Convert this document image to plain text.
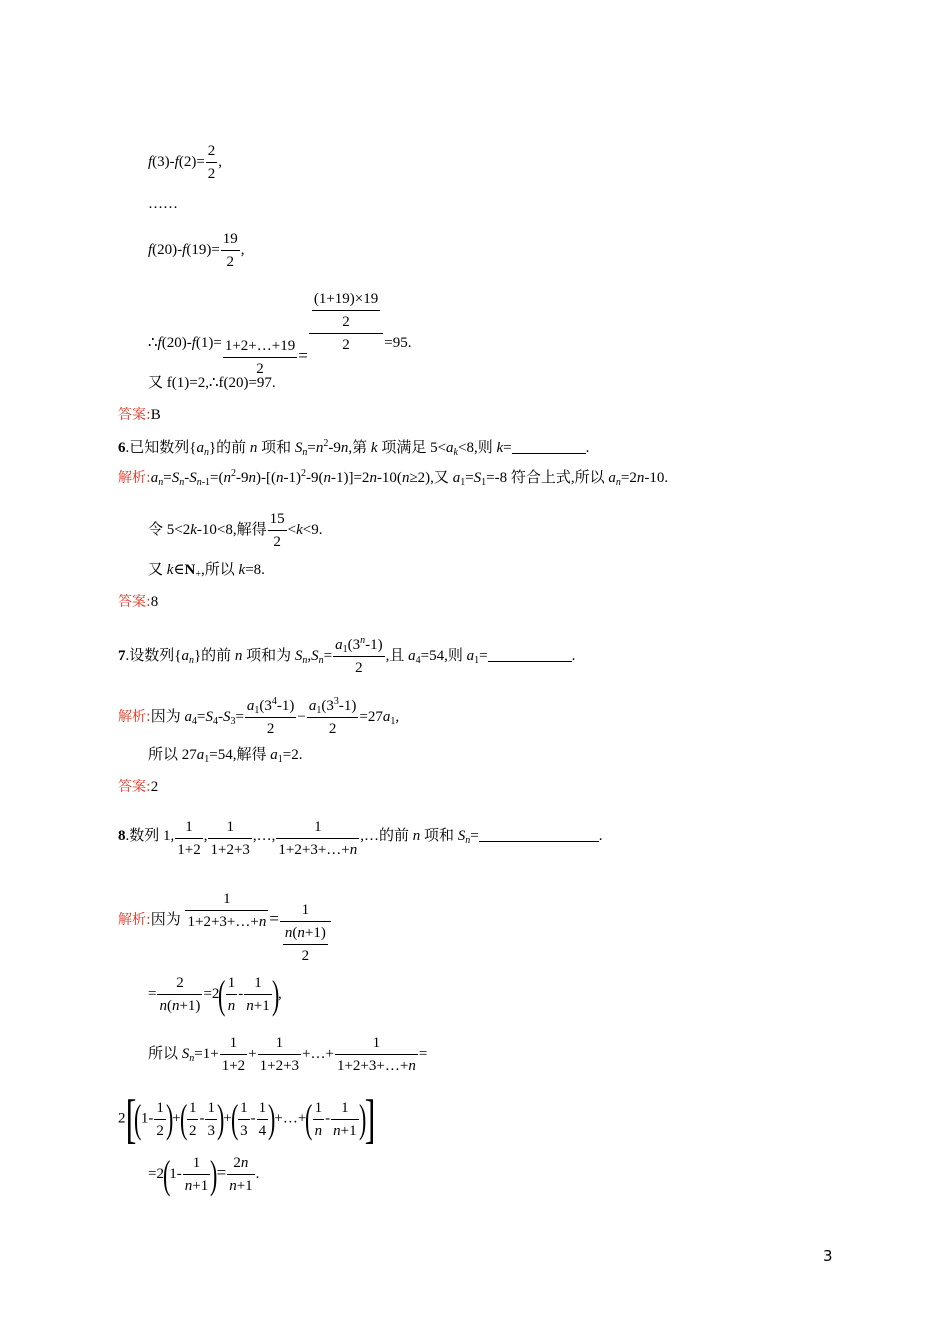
$f(3)-f(2)= \frac{2}{2}$ ,
……
$f(20)-f(19)= \frac{19}{2}$ ,
∴f(20)-f(1)= $\frac{1+2+\dots+19}{2} = \frac{\frac{(1+19)\times 19}{2}}{2} =95$.
又 f(1)=2,∴f(20)=97.
答案:B
6.已知数列$\{a_n\}$的前 n 项和 $S_n=n^2-9n$,第 k 项满足 $5<a_k<8$,则 k=	.
解析$:a_n=S_n-S_{n-1}=(n^2-9n)-[(n-1)^2-9(n-1)]=2n-10(n\ge 2)$,又 $a_1=S_1=-8$ 符合上式,所以 $a_n=2n-10$.
令 5<2k-10<8,解得 $\frac{15}{2} <k<9$.
又 $k\in N_+$,所以 k=8.
答案:8
7.设数列$\{a_n\}$的前 n 项和为 $S_n,S_n= \frac{a_1(3^n-1)}{2}$ ,且 $a_4=54$,则 $a_1=$	.
解析:因为 $a_4=S_4-S_3= \frac{a_1(3^4-1)}{2} - \frac{a_1(3^3-1)}{2} =27a_1$,
所以 $27a_1=54$,解得 $a_1=2$.
答案:2
8.数列 1, $\frac{1}{1+2}$ , $\frac{1}{1+2+3}$ ,…, $\frac{1}{1+2+3+\dots+n}$ ,…的前 n 项和 $S_n=$	.
解析:因为 $\frac{1}{1+2+3+\dots+n} = \frac{1}{\frac{n(n+1)}{2}}$
= $\frac{2}{n(n+1)} =2( \frac{1}{n} - \frac{1}{n+1}$ ),
所以 $S_n=1+ \frac{1}{1+2} + \frac{1}{1+2+3}$ +…+ $\frac{1}{1+2+3+\dots+n}$ =
$2[(1- \frac{1}{2}$ )+( $\frac{1}{2} - \frac{1}{3}$ )+( $\frac{1}{3} - \frac{1}{4}$ )+…+( $\frac{1}{n} - \frac{1}{n+1}$ )]
$=2(1- \frac{1}{n+1}$ )= $\frac{2n}{n+1}$ .
3
